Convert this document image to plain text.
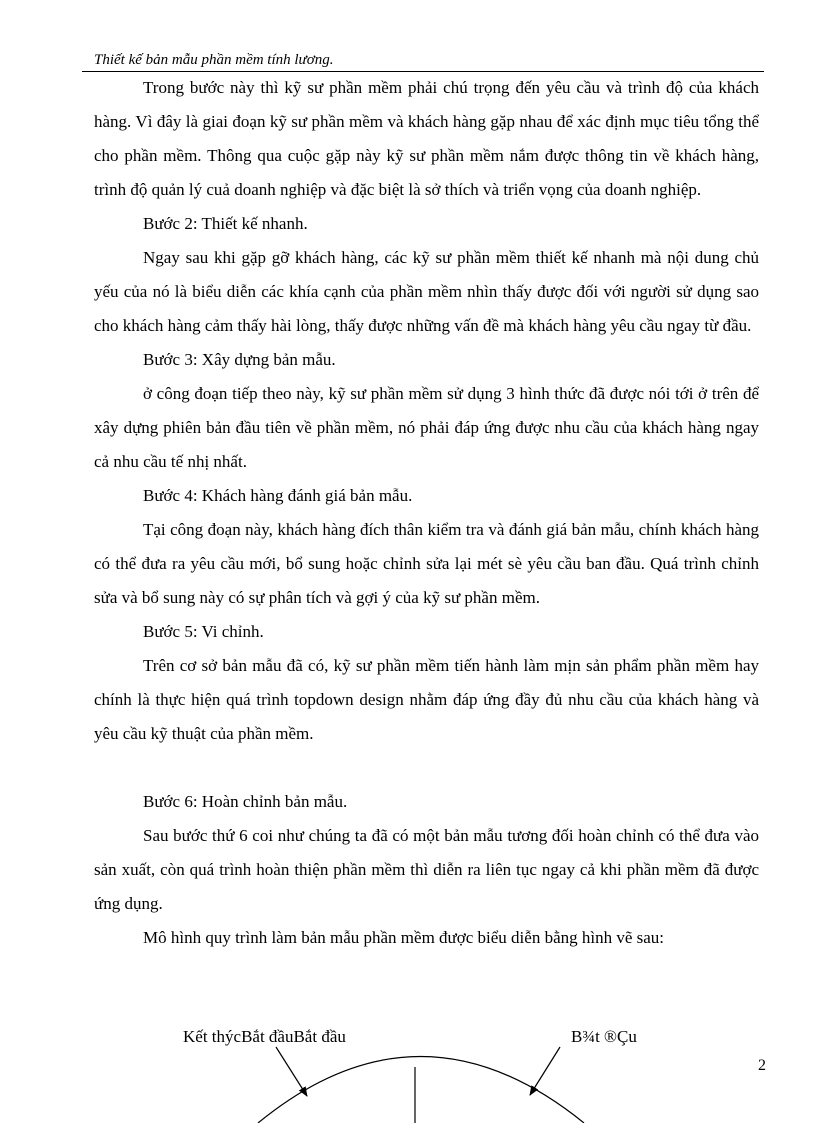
Thiết kế bản mẫu phần mềm tính lương.

Trong bước này thì kỹ sư phần mềm phải chú trọng đến yêu cầu và trình độ của khách hàng. Vì đây là giai đoạn kỹ sư phần mềm và khách hàng gặp nhau để xác định mục tiêu tổng thể cho phần mềm. Thông qua cuộc gặp này kỹ sư phần mềm nắm được thông tin về khách hàng, trình độ quản lý cuả doanh nghiệp và đặc biệt là sở thích và triển vọng của doanh nghiệp.

Bước 2: Thiết kế nhanh.

Ngay sau khi gặp gỡ khách hàng, các kỹ sư phần mềm thiết kế nhanh mà nội dung chủ yếu của nó là biểu diễn các khía cạnh của phần mềm nhìn thấy được đối với người sử dụng sao cho khách hàng cảm thấy hài lòng, thấy được những vấn đề mà khách hàng yêu cầu ngay từ đầu.

Bước 3: Xây dựng bản mẫu.

ở công đoạn tiếp theo này, kỹ sư phần mềm sử dụng 3 hình thức đã được nói tới ở trên để xây dựng phiên bản đầu tiên về phần mềm, nó phải đáp ứng được nhu cầu của khách hàng ngay cả nhu cầu tế nhị nhất.

Bước 4: Khách hàng đánh giá bản mẫu.

Tại công đoạn này, khách hàng đích thân kiểm tra và đánh giá bản mẫu, chính khách hàng có thể đưa ra yêu cầu mới, bổ sung hoặc chỉnh sửa lại mét sè yêu cầu ban đầu. Quá trình chỉnh sửa và bổ sung này có sự phân tích và gợi ý của kỹ sư phần mềm.

Bước 5: Vi chỉnh.

Trên cơ sở bản mẫu đã có, kỹ sư phần mềm tiến hành làm mịn sản phẩm phần mềm hay chính là thực hiện quá trình topdown design nhằm đáp ứng đầy đủ nhu cầu của khách hàng và yêu cầu kỹ thuật của phần mềm.

Bước 6: Hoàn chỉnh bản mẫu.

Sau bước thứ 6 coi như chúng ta đã có một bản mẫu tương đối hoàn chỉnh có thể đưa vào sản xuất, còn quá trình hoàn thiện phần mềm thì diễn ra liên tục ngay cả khi phần mềm đã được ứng dụng.

Mô hình quy trình làm bản mẫu phần mềm được biểu diễn bằng hình vẽ sau:

Kết thýcBắt đầuBắt đầu	B¾t ®Çu
2
